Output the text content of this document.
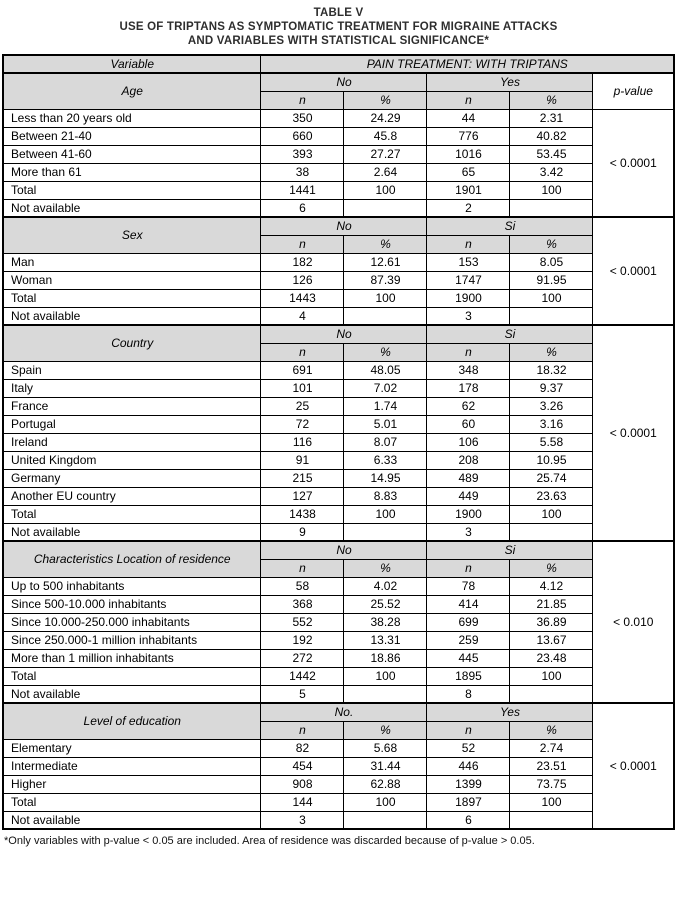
TABLE V
USE OF TRIPTANS AS SYMPTOMATIC TREATMENT FOR MIGRAINE ATTACKS
AND VARIABLES WITH STATISTICAL SIGNIFICANCE*
Variable	PAIN TREATMENT: WITH TRIPTANS				
Age	No		Yes		p-value
	n	%	n	%	
Less than 20 years old	350	24.29	44	2.31	< 0.0001
Between 21-40	660	45.8	776	40.82	
Between 41-60	393	27.27	1016	53.45	
More than 61	38	2.64	65	3.42	
Total	1441	100	1901	100	
Not available	6		2		
Sex	No		Si		< 0.0001
	n	%	n	%	
Man	182	12.61	153	8.05	
Woman	126	87.39	1747	91.95	
Total	1443	100	1900	100	
Not available	4		3		
Country	No		Si		< 0.0001
	n	%	n	%	
Spain	691	48.05	348	18.32	
Italy	101	7.02	178	9.37	
France	25	1.74	62	3.26	
Portugal	72	5.01	60	3.16	
Ireland	116	8.07	106	5.58	
United Kingdom	91	6.33	208	10.95	
Germany	215	14.95	489	25.74	
Another EU country	127	8.83	449	23.63	
Total	1438	100	1900	100	
Not available	9		3		
Characteristics Location of residence	No		Si		< 0.010
	n	%	n	%	
Up to 500 inhabitants	58	4.02	78	4.12	
Since 500-10.000 inhabitants	368	25.52	414	21.85	
Since 10.000-250.000 inhabitants	552	38.28	699	36.89	
Since 250.000-1 million inhabitants	192	13.31	259	13.67	
More than 1 million inhabitants	272	18.86	445	23.48	
Total	1442	100	1895	100	
Not available	5		8		
Level of education	No.		Yes		< 0.0001
	n	%	n	%	
Elementary	82	5.68	52	2.74	
Intermediate	454	31.44	446	23.51	
Higher	908	62.88	1399	73.75	
Total	144	100	1897	100	
Not available	3		6		
*Only variables with p-value < 0.05 are included. Area of residence was discarded because of p-value > 0.05.
